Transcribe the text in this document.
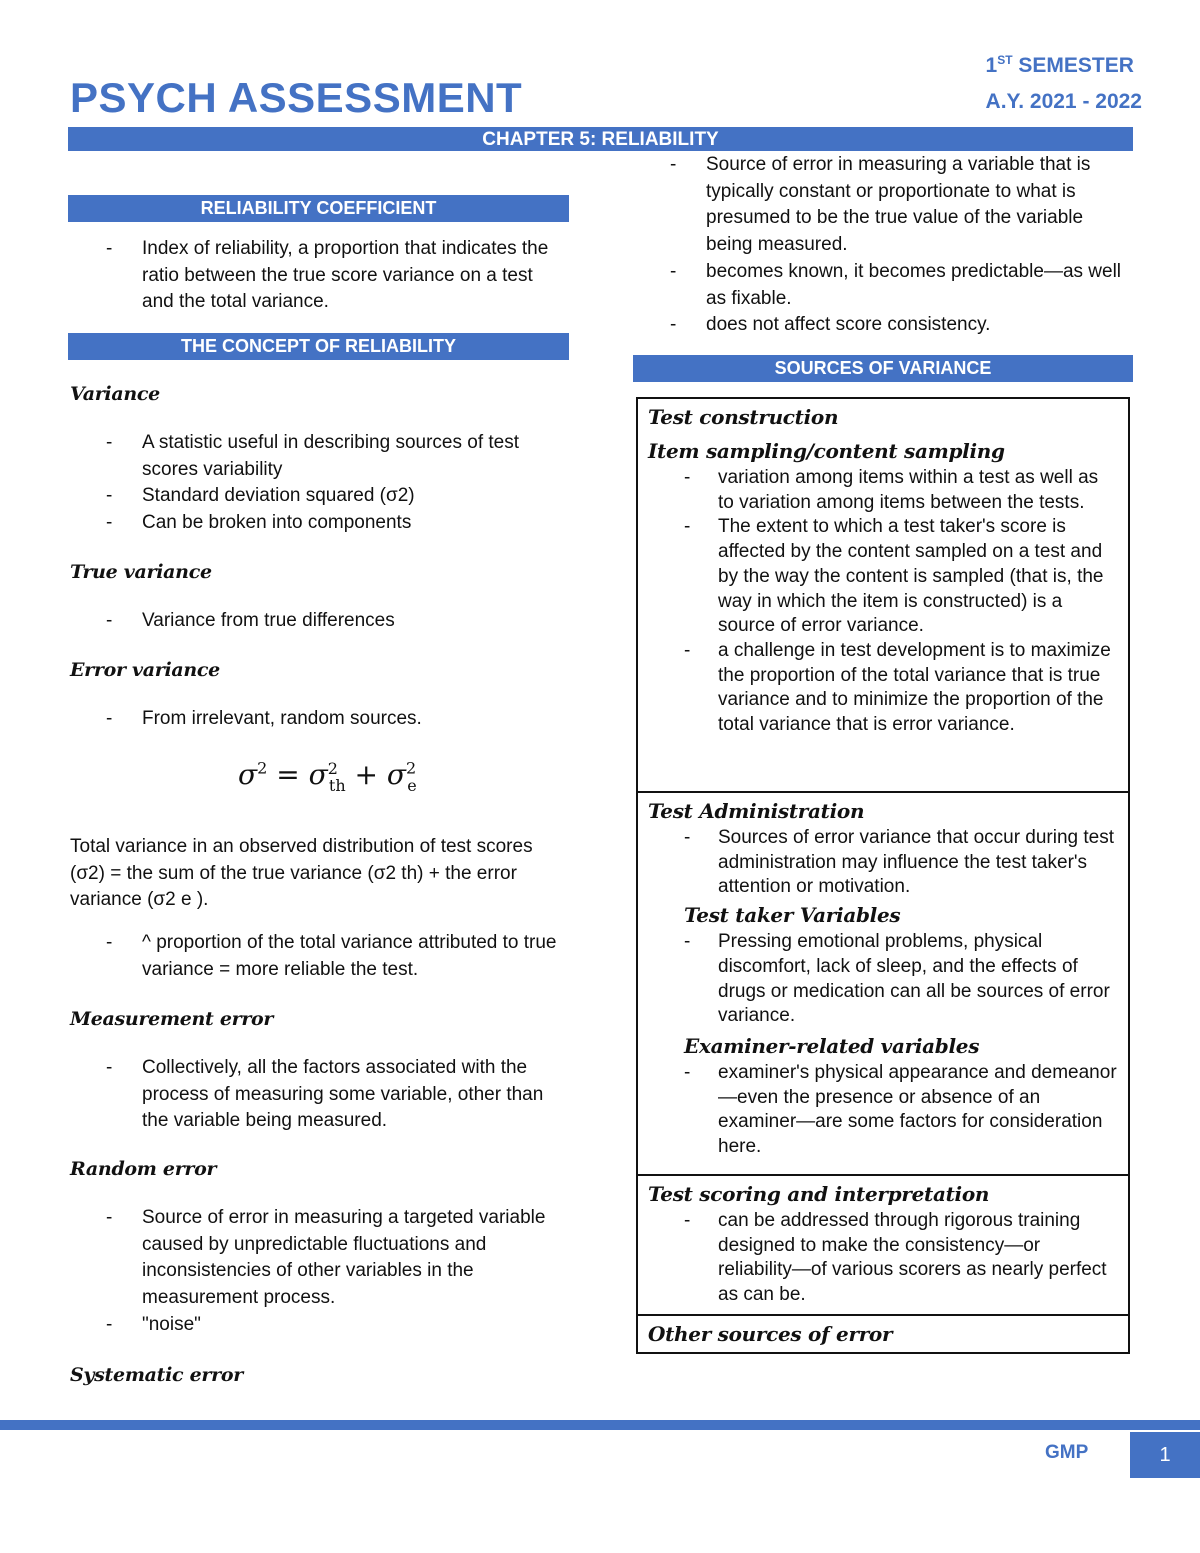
PSYCH ASSESSMENT
1ST SEMESTER
A.Y. 2021 - 2022
CHAPTER 5: RELIABILITY
RELIABILITY COEFFICIENT
- Index of reliability, a proportion that indicates the ratio between the true score variance on a test and the total variance.
THE CONCEPT OF RELIABILITY
Variance
- A statistic useful in describing sources of test scores variability
- Standard deviation squared (σ2)
- Can be broken into components
True variance
- Variance from true differences
Error variance
- From irrelevant, random sources.
$\sigma^2 = \sigma^2_{th} + \sigma^2_e$
Total variance in an observed distribution of test scores (σ2) = the sum of the true variance (σ2 th) + the error variance (σ2 e ).
- ^ proportion of the total variance attributed to true variance = more reliable the test.
Measurement error
- Collectively, all the factors associated with the process of measuring some variable, other than the variable being measured.
Random error
- Source of error in measuring a targeted variable caused by unpredictable fluctuations and inconsistencies of other variables in the measurement process.
- "noise"
Systematic error
- Source of error in measuring a variable that is typically constant or proportionate to what is presumed to be the true value of the variable being measured.
- becomes known, it becomes predictable—as well as fixable.
- does not affect score consistency.
SOURCES OF VARIANCE
Test construction
Item sampling/content sampling
- variation among items within a test as well as to variation among items between the tests.
- The extent to which a test taker's score is affected by the content sampled on a test and by the way the content is sampled (that is, the way in which the item is constructed) is a source of error variance.
- a challenge in test development is to maximize the proportion of the total variance that is true variance and to minimize the proportion of the total variance that is error variance.
Test Administration
- Sources of error variance that occur during test administration may influence the test taker's attention or motivation.
Test taker Variables
- Pressing emotional problems, physical discomfort, lack of sleep, and the effects of drugs or medication can all be sources of error variance.
Examiner-related variables
- examiner's physical appearance and demeanor—even the presence or absence of an examiner—are some factors for consideration here.
Test scoring and interpretation
- can be addressed through rigorous training designed to make the consistency—or reliability—of various scorers as nearly perfect as can be.
Other sources of error
GMP	1
